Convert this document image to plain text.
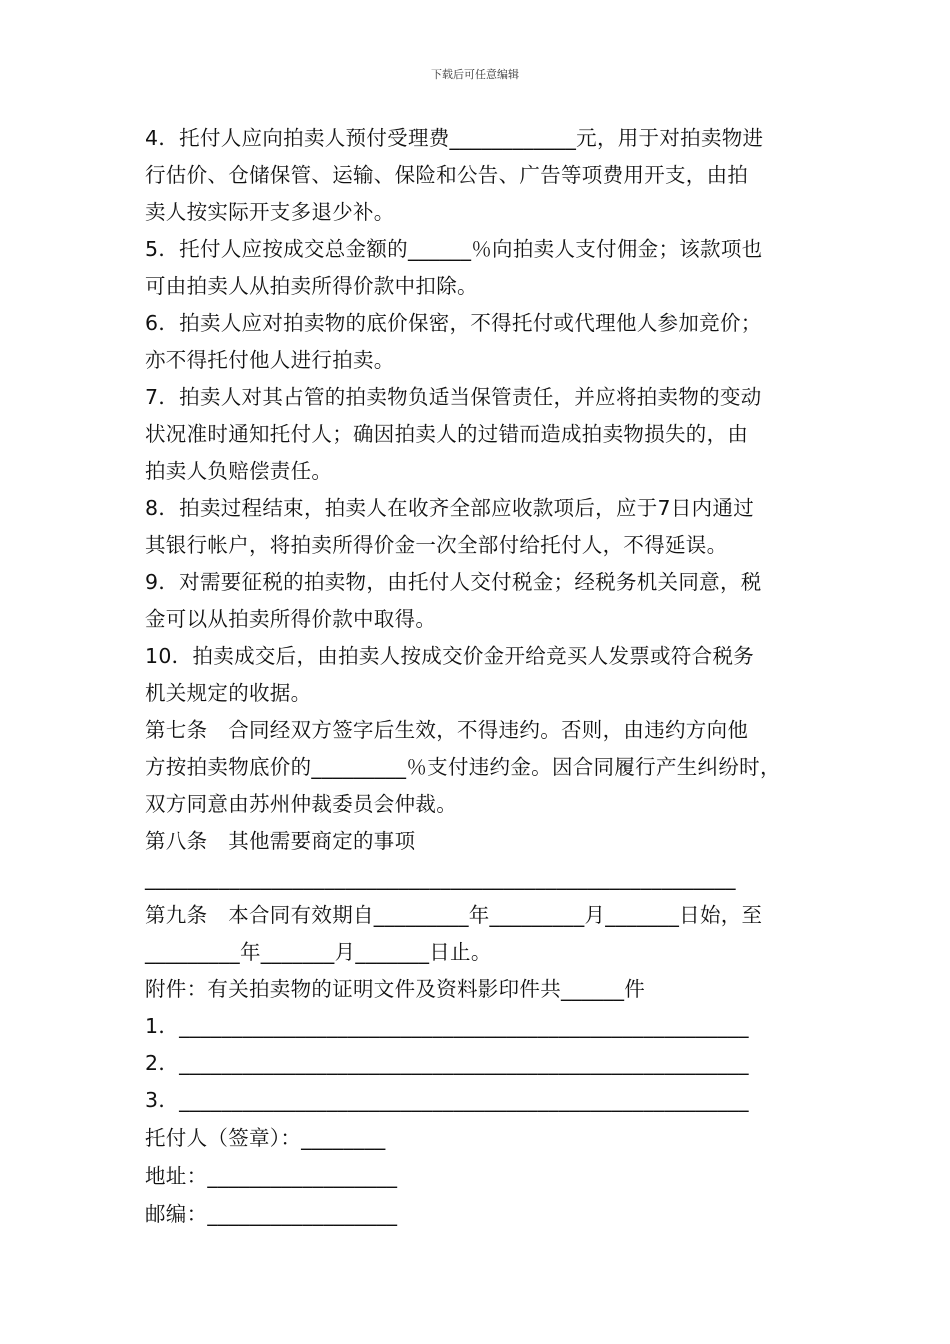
下载后可任意编辑
4．托付人应向拍卖人预付受理费____________元，用于对拍卖物进
行估价、仓储保管、运输、保险和公告、广告等项费用开支，由拍
卖人按实际开支多退少补。
5．托付人应按成交总金额的______％向拍卖人支付佣金；该款项也
可由拍卖人从拍卖所得价款中扣除。
6．拍卖人应对拍卖物的底价保密，不得托付或代理他人参加竞价；
亦不得托付他人进行拍卖。
7．拍卖人对其占管的拍卖物负适当保管责任，并应将拍卖物的变动
状况准时通知托付人；确因拍卖人的过错而造成拍卖物损失的，由
拍卖人负赔偿责任。
8．拍卖过程结束，拍卖人在收齐全部应收款项后，应于7日内通过
其银行帐户，将拍卖所得价金一次全部付给托付人，不得延误。
9．对需要征税的拍卖物，由托付人交付税金；经税务机关同意，税
金可以从拍卖所得价款中取得。
10．拍卖成交后，由拍卖人按成交价金开给竞买人发票或符合税务
机关规定的收据。
第七条　合同经双方签字后生效，不得违约。否则，由违约方向他
方按拍卖物底价的_________％支付违约金。因合同履行产生纠纷时，
双方同意由苏州仲裁委员会仲裁。
第八条　其他需要商定的事项
________________________________________________________
第九条　本合同有效期自_________年_________月_______日始，至
_________年_______月_______日止。
附件：有关拍卖物的证明文件及资料影印件共______件
1．______________________________________________________
2．______________________________________________________
3．______________________________________________________
托付人（签章）：________
地址：__________________
邮编：__________________
